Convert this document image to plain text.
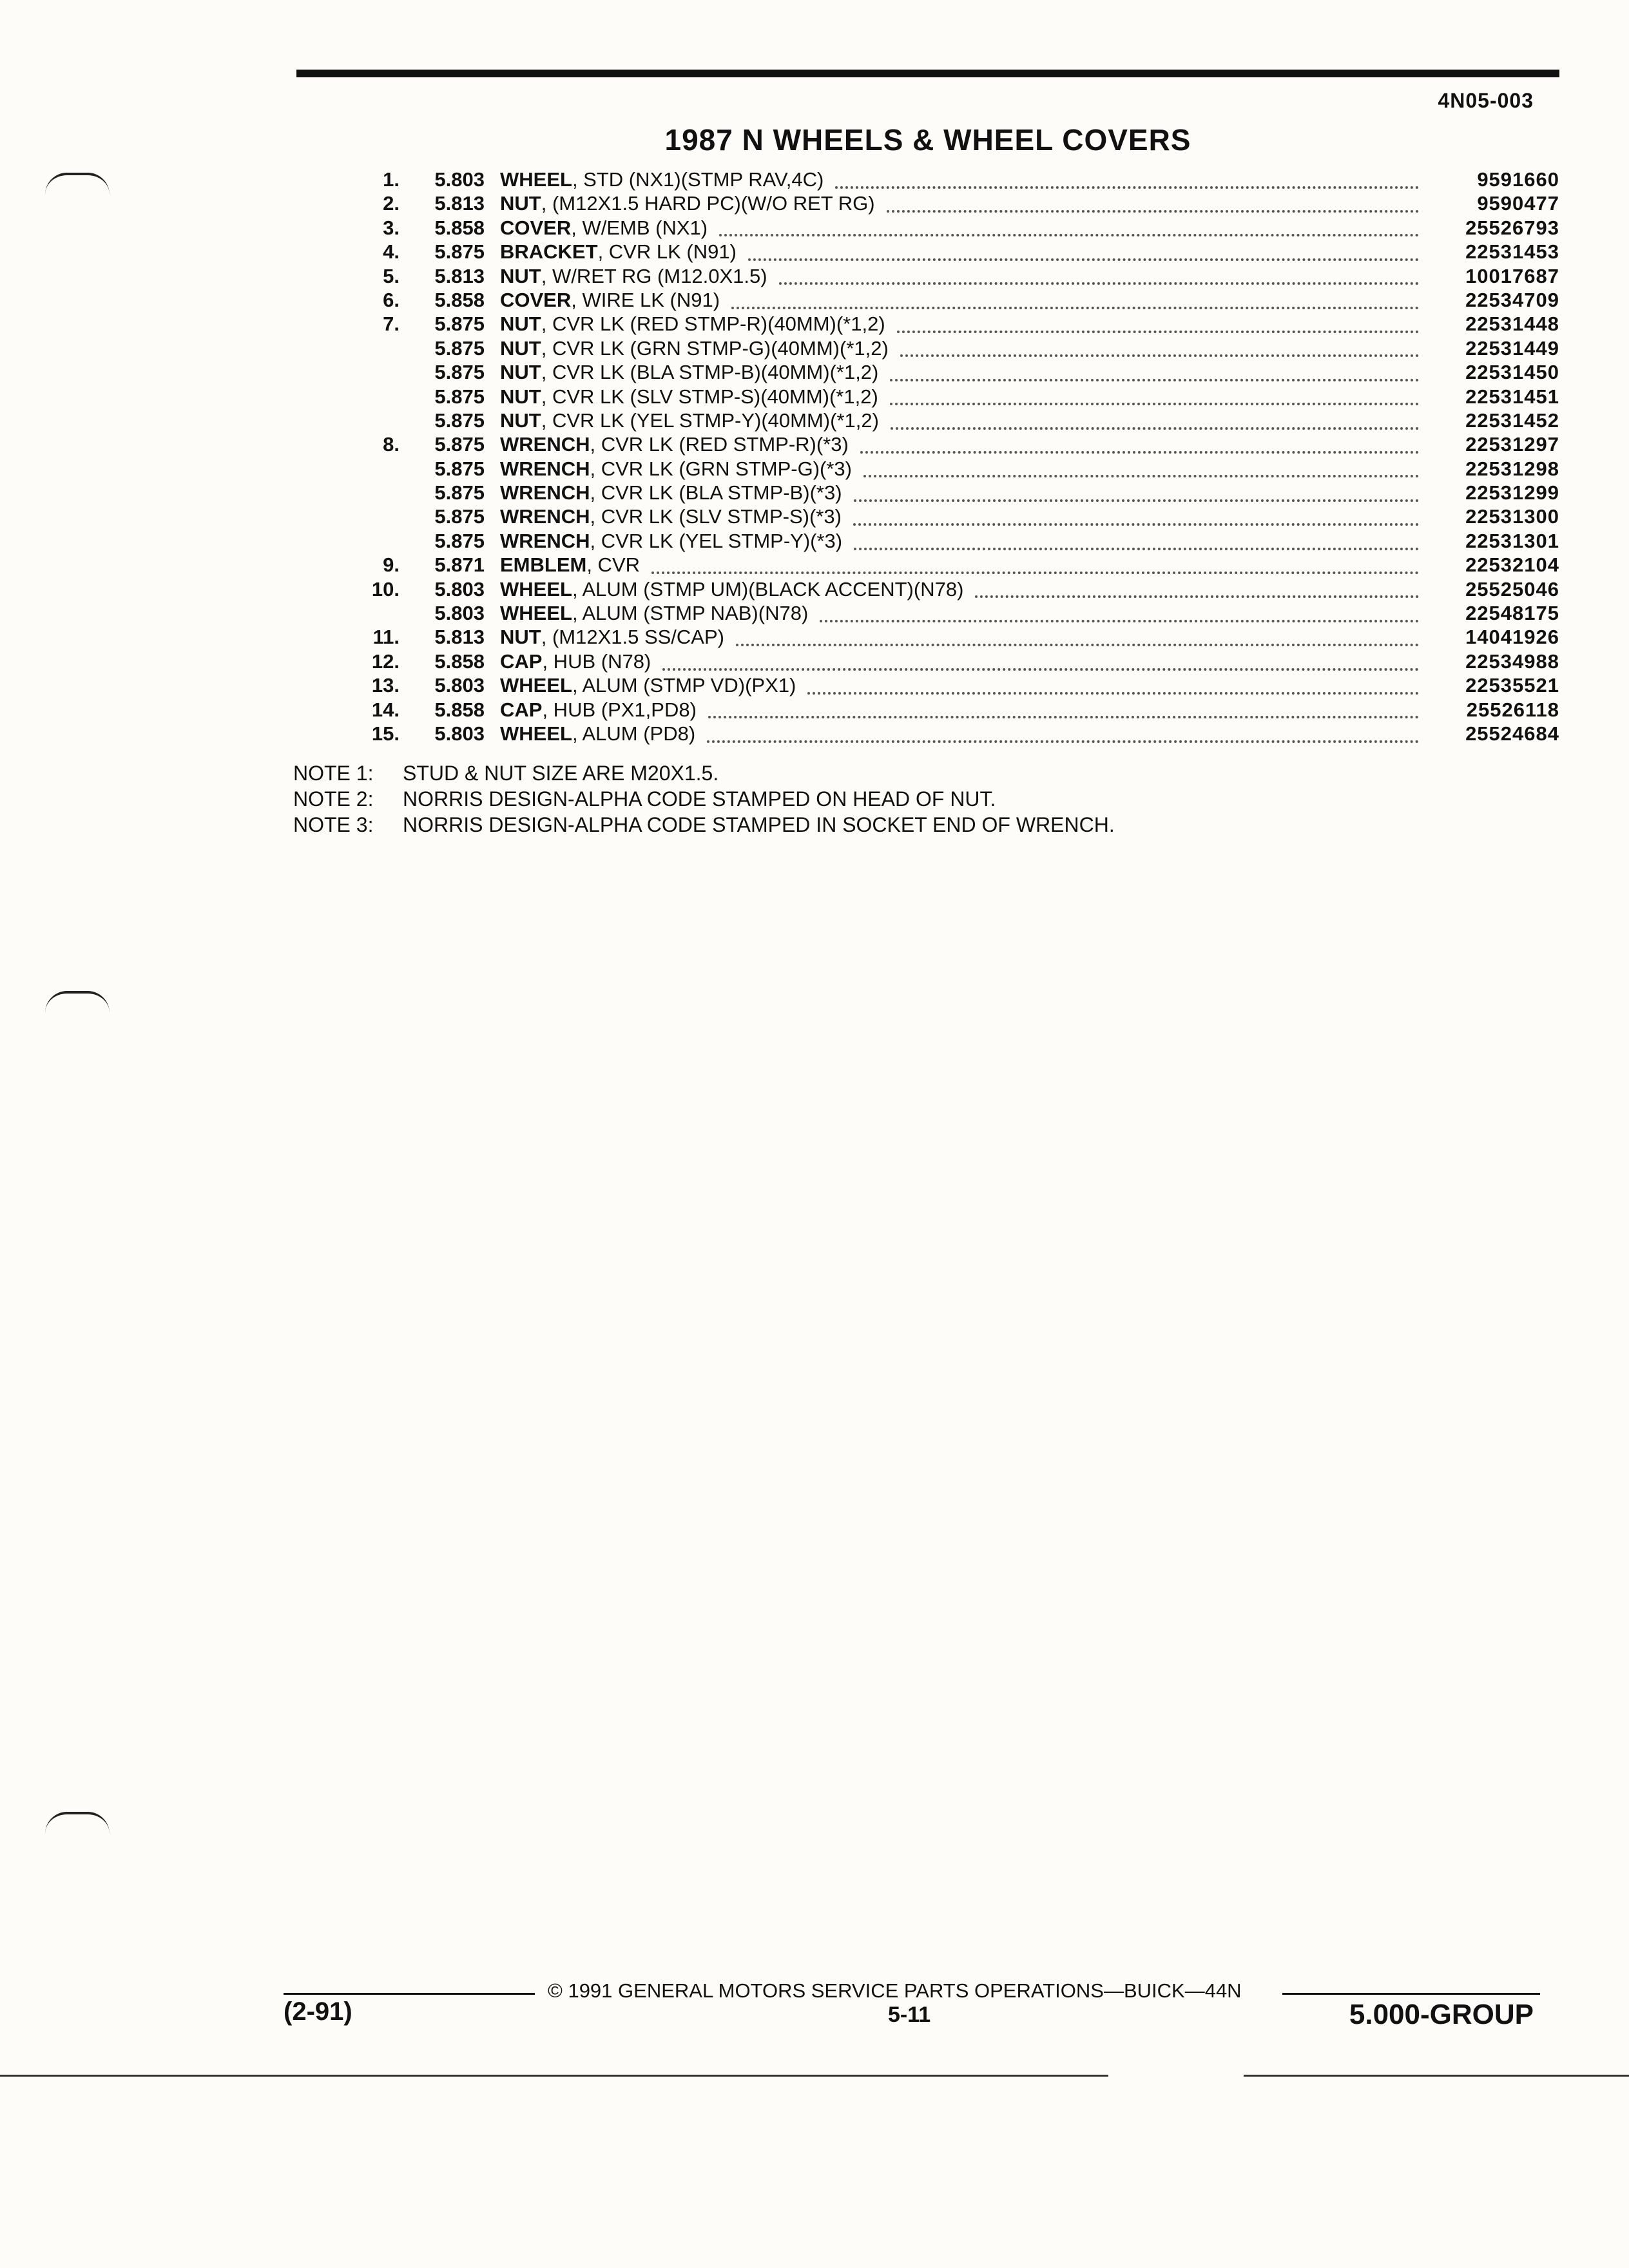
4N05-003
1987 N WHEELS & WHEEL COVERS
1.	5.803 WHEEL, STD (NX1)(STMP RAV,4C)	9591660
2.	5.813 NUT, (M12X1.5 HARD PC)(W/O RET RG)	9590477
3.	5.858 COVER, W/EMB (NX1)	25526793
4.	5.875 BRACKET, CVR LK (N91)	22531453
5.	5.813 NUT, W/RET RG (M12.0X1.5)	10017687
6.	5.858 COVER, WIRE LK (N91)	22534709
7.	5.875 NUT, CVR LK (RED STMP-R)(40MM)(*1,2)	22531448
5.875 NUT, CVR LK (GRN STMP-G)(40MM)(*1,2)	22531449
5.875 NUT, CVR LK (BLA STMP-B)(40MM)(*1,2)	22531450
5.875 NUT, CVR LK (SLV STMP-S)(40MM)(*1,2)	22531451
5.875 NUT, CVR LK (YEL STMP-Y)(40MM)(*1,2)	22531452
8.	5.875 WRENCH, CVR LK (RED STMP-R)(*3)	22531297
5.875 WRENCH, CVR LK (GRN STMP-G)(*3)	22531298
5.875 WRENCH, CVR LK (BLA STMP-B)(*3)	22531299
5.875 WRENCH, CVR LK (SLV STMP-S)(*3)	22531300
5.875 WRENCH, CVR LK (YEL STMP-Y)(*3)	22531301
9.	5.871 EMBLEM, CVR	22532104
10.	5.803 WHEEL, ALUM (STMP UM)(BLACK ACCENT)(N78)	25525046
5.803 WHEEL, ALUM (STMP NAB)(N78)	22548175
11.	5.813 NUT, (M12X1.5 SS/CAP)	14041926
12.	5.858 CAP, HUB (N78)	22534988
13.	5.803 WHEEL, ALUM (STMP VD)(PX1)	22535521
14.	5.858 CAP, HUB (PX1,PD8)	25526118
15.	5.803 WHEEL, ALUM (PD8)	25524684
NOTE 1: STUD & NUT SIZE ARE M20X1.5.
NOTE 2: NORRIS DESIGN-ALPHA CODE STAMPED ON HEAD OF NUT.
NOTE 3: NORRIS DESIGN-ALPHA CODE STAMPED IN SOCKET END OF WRENCH.
© 1991 GENERAL MOTORS SERVICE PARTS OPERATIONS—BUICK—44N
(2-91)	5-11	5.000-GROUP
